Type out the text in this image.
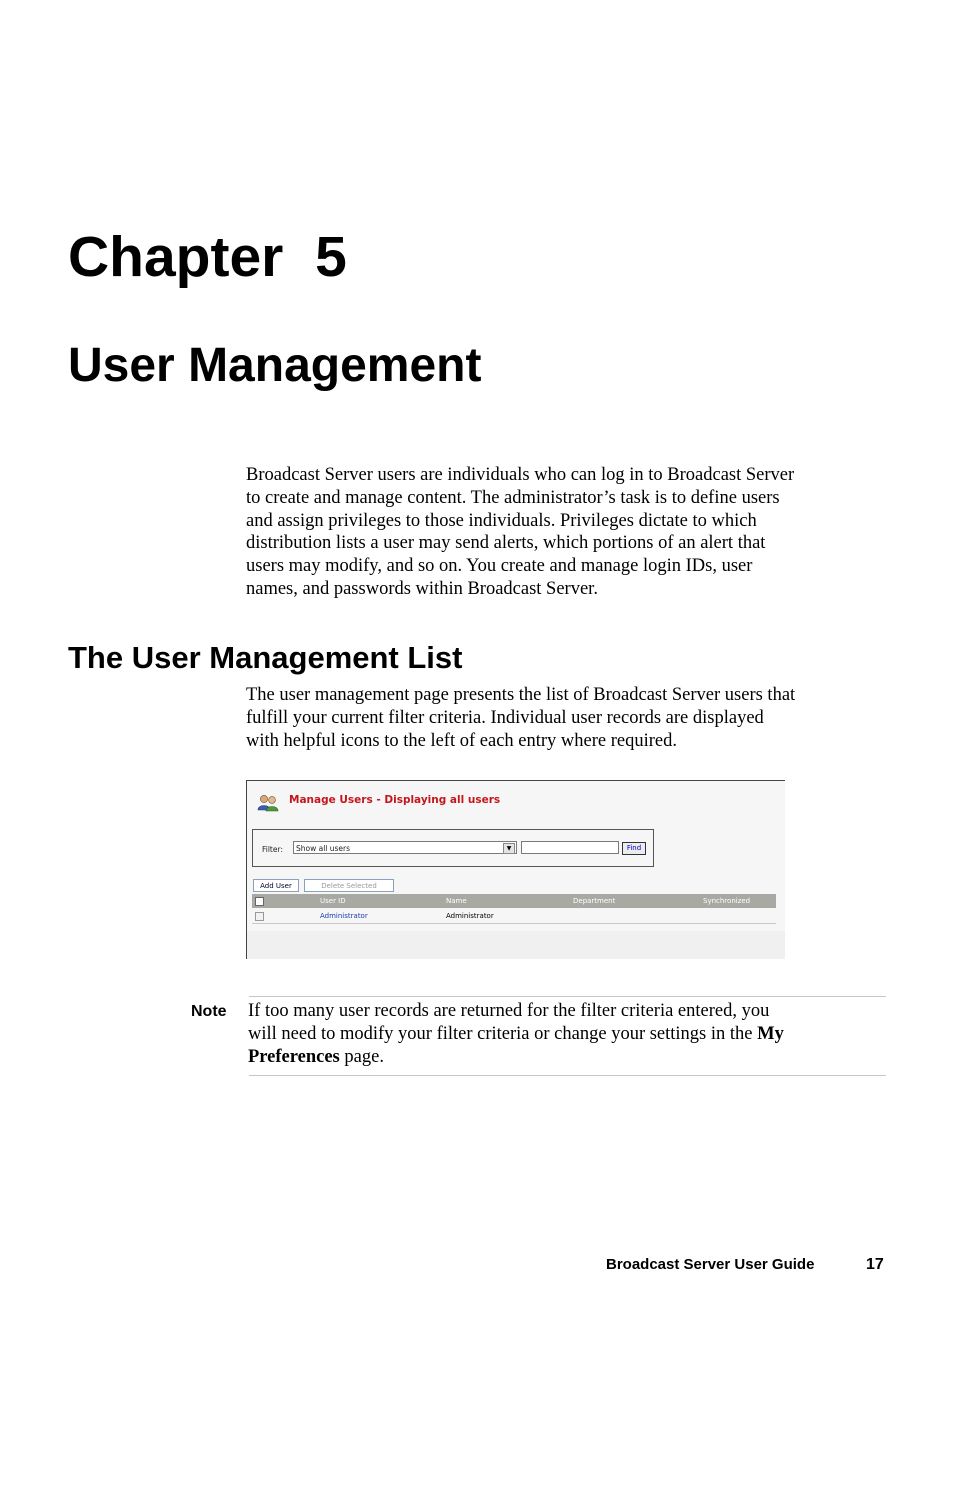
Chapter 5
User Management

Broadcast Server users are individuals who can log in to Broadcast Server
to create and manage content. The administrator’s task is to define users
and assign privileges to those individuals. Privileges dictate to which
distribution lists a user may send alerts, which portions of an alert that
users may modify, and so on. You create and manage login IDs, user
names, and passwords within Broadcast Server.

The User Management List

The user management page presents the list of Broadcast Server users that
fulfill your current filter criteria. Individual user records are displayed
with helpful icons to the left of each entry where required.

Manage Users - Displaying all users
Filter:	Show all users	▼	Find
Add User	Delete Selected
User ID	Name	Department	Synchronized
Administrator	Administrator
Note If too many user records are returned for the filter criteria entered, you
will need to modify your filter criteria or change your settings in the My
Preferences page.

Broadcast Server User Guide	17
